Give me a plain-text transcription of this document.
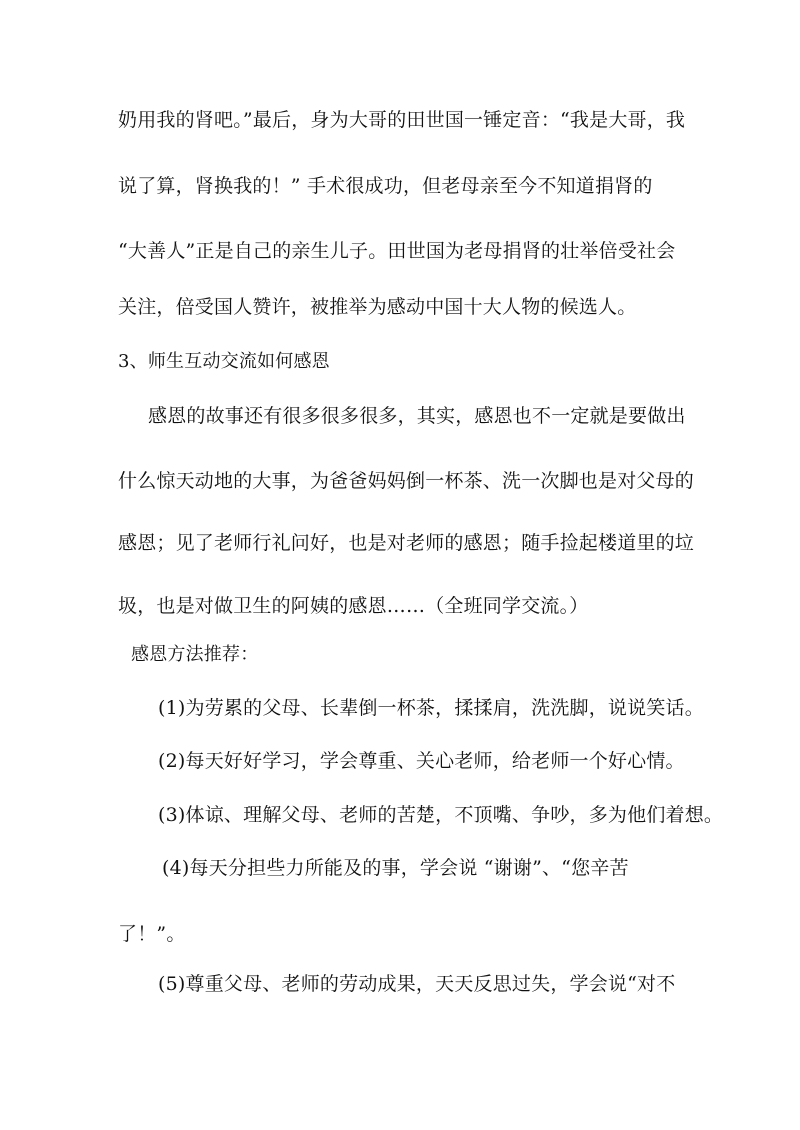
奶用我的肾吧。”最后，身为大哥的田世国一锤定音：“我是大哥，我
说了算，肾换我的！” 手术很成功，但老母亲至今不知道捐肾的
“大善人”正是自己的亲生儿子。田世国为老母捐肾的壮举倍受社会
关注，倍受国人赞许，被推举为感动中国十大人物的候选人。
3、师生互动交流如何感恩
感恩的故事还有很多很多很多，其实，感恩也不一定就是要做出
什么惊天动地的大事，为爸爸妈妈倒一杯茶、洗一次脚也是对父母的
感恩；见了老师行礼问好，也是对老师的感恩；随手捡起楼道里的垃
圾，也是对做卫生的阿姨的感恩……（全班同学交流。）
感恩方法推荐：
(1)为劳累的父母、长辈倒一杯茶，揉揉肩，洗洗脚，说说笑话。
(2)每天好好学习，学会尊重、关心老师，给老师一个好心情。
(3)体谅、理解父母、老师的苦楚，不顶嘴、争吵，多为他们着想。
(4)每天分担些力所能及的事，学会说 “谢谢”、“您辛苦
了！”。
(5)尊重父母、老师的劳动成果，天天反思过失，学会说“对不
